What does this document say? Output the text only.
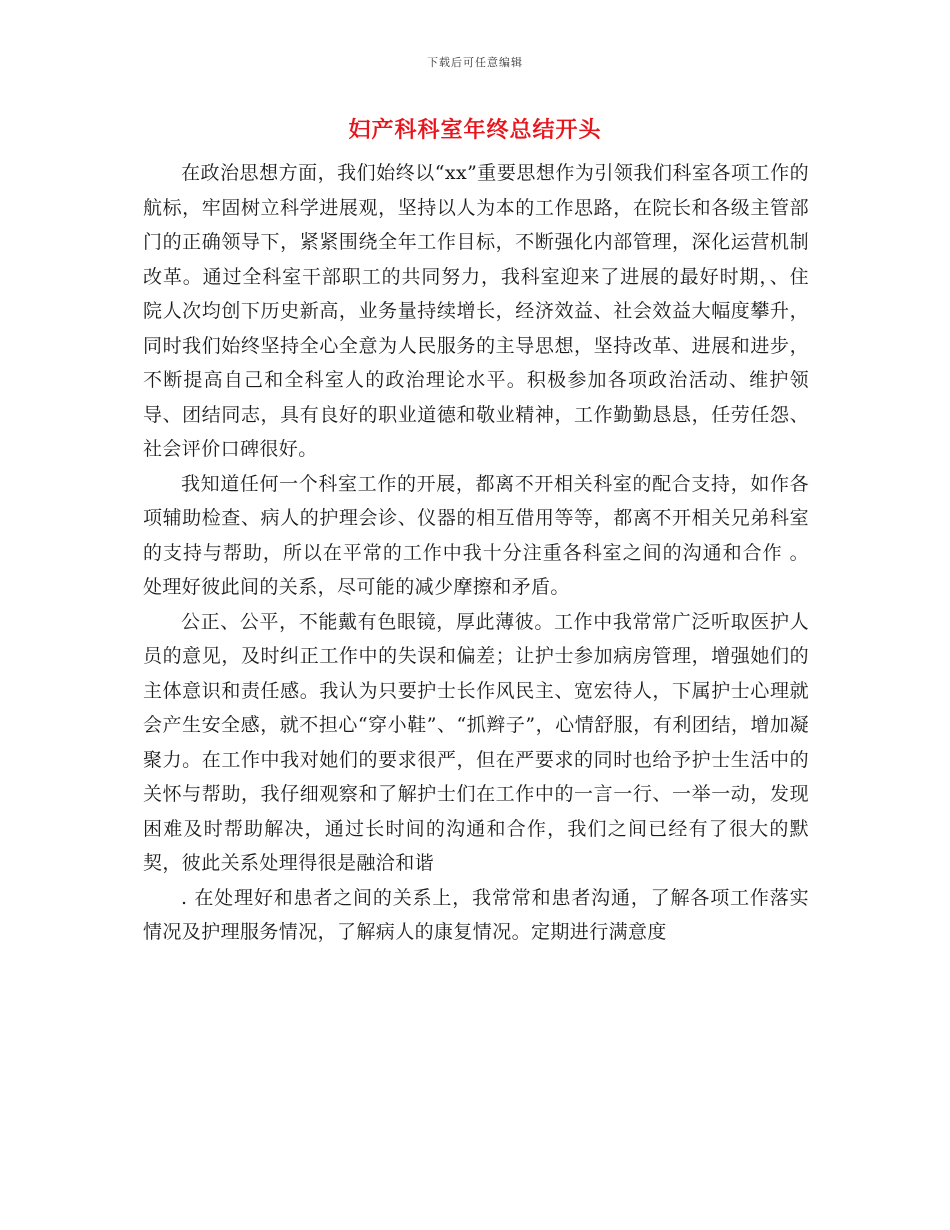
下载后可任意编辑
妇产科科室年终总结开头

在政治思想方面，我们始终以“xx”重要思想作为引领我们科室各项工作的航标，牢固树立科学进展观，坚持以人为本的工作思路，在院长和各级主管部门的正确领导下，紧紧围绕全年工作目标，不断强化内部管理，深化运营机制改革。通过全科室干部职工的共同努力，我科室迎来了进展的最好时期，、住院人次均创下历史新高，业务量持续增长，经济效益、社会效益大幅度攀升，同时我们始终坚持全心全意为人民服务的主导思想，坚持改革、进展和进步，不断提高自己和全科室人的政治理论水平。积极参加各项政治活动、维护领导、团结同志，具有良好的职业道德和敬业精神，工作勤勤恳恳，任劳任怨、社会评价口碑很好。

我知道任何一个科室工作的开展，都离不开相关科室的配合支持，如作各项辅助检查、病人的护理会诊、仪器的相互借用等等，都离不开相关兄弟科室的支持与帮助，所以在平常的工作中我十分注重各科室之间的沟通和合作 。处理好彼此间的关系，尽可能的减少摩擦和矛盾。

公正、公平，不能戴有色眼镜，厚此薄彼。工作中我常常广泛听取医护人员的意见，及时纠正工作中的失误和偏差；让护士参加病房管理，增强她们的主体意识和责任感。我认为只要护士长作风民主、宽宏待人，下属护士心理就会产生安全感，就不担心“穿小鞋”、“抓辫子”，心情舒服，有利团结，增加凝聚力。在工作中我对她们的要求很严，但在严要求的同时也给予护士生活中的关怀与帮助，我仔细观察和了解护士们在工作中的一言一行、一举一动，发现困难及时帮助解决，通过长时间的沟通和合作，我们之间已经有了很大的默契，彼此关系处理得很是融洽和谐

. 在处理好和患者之间的关系上，我常常和患者沟通，了解各项工作落实情况及护理服务情况，了解病人的康复情况。定期进行满意度
